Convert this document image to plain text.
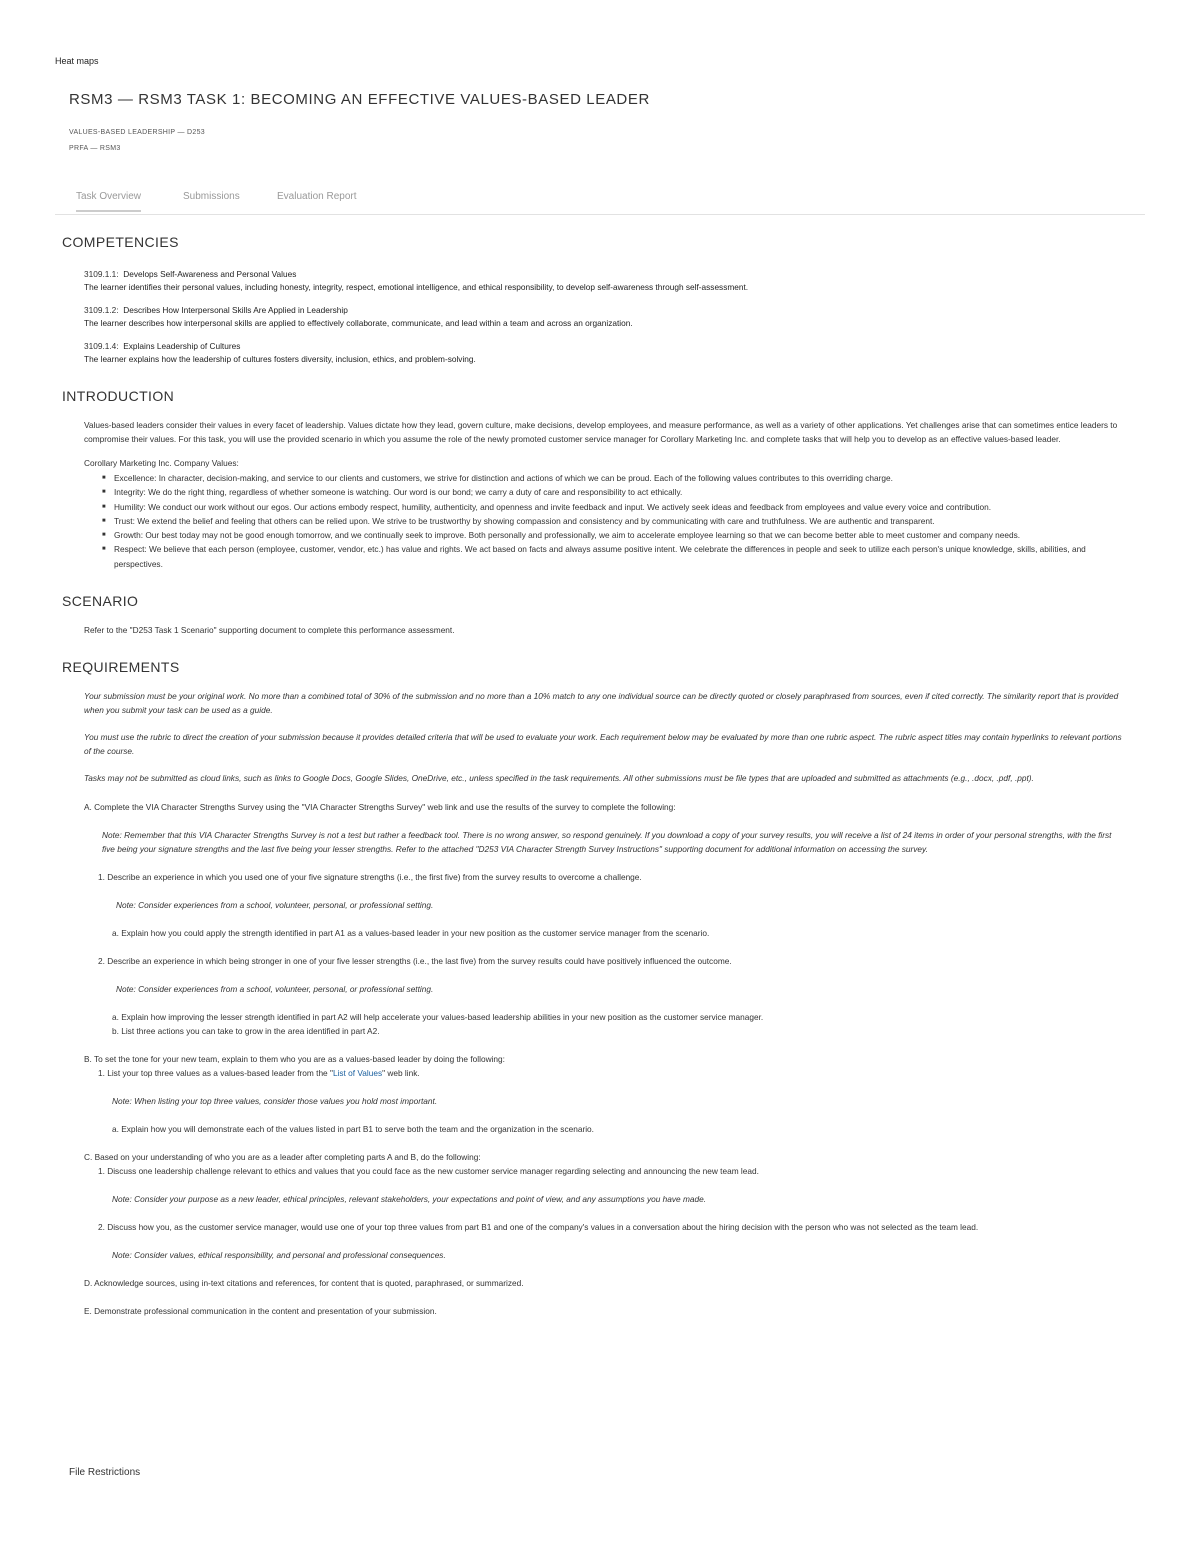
Heat maps
RSM3 — RSM3 TASK 1: BECOMING AN EFFECTIVE VALUES-BASED LEADER
VALUES-BASED LEADERSHIP — D253
PRFA — RSM3
Task Overview	Submissions	Evaluation Report
COMPETENCIES
3109.1.1: Develops Self-Awareness and Personal Values
The learner identifies their personal values, including honesty, integrity, respect, emotional intelligence, and ethical responsibility, to develop self-awareness through self-assessment.
3109.1.2: Describes How Interpersonal Skills Are Applied in Leadership
The learner describes how interpersonal skills are applied to effectively collaborate, communicate, and lead within a team and across an organization.
3109.1.4: Explains Leadership of Cultures
The learner explains how the leadership of cultures fosters diversity, inclusion, ethics, and problem-solving.
INTRODUCTION
Values-based leaders consider their values in every facet of leadership. Values dictate how they lead, govern culture, make decisions, develop employees, and measure performance, as well as a variety of other applications. Yet challenges arise that can sometimes entice leaders to compromise their values. For this task, you will use the provided scenario in which you assume the role of the newly promoted customer service manager for Corollary Marketing Inc. and complete tasks that will help you to develop as an effective values-based leader.
Corollary Marketing Inc. Company Values:
■ Excellence: In character, decision-making, and service to our clients and customers, we strive for distinction and actions of which we can be proud. Each of the following values contributes to this overriding charge.
■ Integrity: We do the right thing, regardless of whether someone is watching. Our word is our bond; we carry a duty of care and responsibility to act ethically.
■ Humility: We conduct our work without our egos. Our actions embody respect, humility, authenticity, and openness and invite feedback and input. We actively seek ideas and feedback from employees and value every voice and contribution.
■ Trust: We extend the belief and feeling that others can be relied upon. We strive to be trustworthy by showing compassion and consistency and by communicating with care and truthfulness. We are authentic and transparent.
■ Growth: Our best today may not be good enough tomorrow, and we continually seek to improve. Both personally and professionally, we aim to accelerate employee learning so that we can become better able to meet customer and company needs.
■ Respect: We believe that each person (employee, customer, vendor, etc.) has value and rights. We act based on facts and always assume positive intent. We celebrate the differences in people and seek to utilize each person's unique knowledge, skills, abilities, and perspectives.
SCENARIO
Refer to the "D253 Task 1 Scenario" supporting document to complete this performance assessment.
REQUIREMENTS
Your submission must be your original work. No more than a combined total of 30% of the submission and no more than a 10% match to any one individual source can be directly quoted or closely paraphrased from sources, even if cited correctly. The similarity report that is provided when you submit your task can be used as a guide.
You must use the rubric to direct the creation of your submission because it provides detailed criteria that will be used to evaluate your work. Each requirement below may be evaluated by more than one rubric aspect. The rubric aspect titles may contain hyperlinks to relevant portions of the course.
Tasks may not be submitted as cloud links, such as links to Google Docs, Google Slides, OneDrive, etc., unless specified in the task requirements. All other submissions must be file types that are uploaded and submitted as attachments (e.g., .docx, .pdf, .ppt).
A. Complete the VIA Character Strengths Survey using the "VIA Character Strengths Survey" web link and use the results of the survey to complete the following:
Note: Remember that this VIA Character Strengths Survey is not a test but rather a feedback tool. There is no wrong answer, so respond genuinely. If you download a copy of your survey results, you will receive a list of 24 items in order of your personal strengths, with the first five being your signature strengths and the last five being your lesser strengths. Refer to the attached "D253 VIA Character Strength Survey Instructions" supporting document for additional information on accessing the survey.
1. Describe an experience in which you used one of your five signature strengths (i.e., the first five) from the survey results to overcome a challenge.
Note: Consider experiences from a school, volunteer, personal, or professional setting.
a. Explain how you could apply the strength identified in part A1 as a values-based leader in your new position as the customer service manager from the scenario.
2. Describe an experience in which being stronger in one of your five lesser strengths (i.e., the last five) from the survey results could have positively influenced the outcome.
Note: Consider experiences from a school, volunteer, personal, or professional setting.
a. Explain how improving the lesser strength identified in part A2 will help accelerate your values-based leadership abilities in your new position as the customer service manager.
b. List three actions you can take to grow in the area identified in part A2.
B. To set the tone for your new team, explain to them who you are as a values-based leader by doing the following:
1. List your top three values as a values-based leader from the "List of Values" web link.
Note: When listing your top three values, consider those values you hold most important.
a. Explain how you will demonstrate each of the values listed in part B1 to serve both the team and the organization in the scenario.
C. Based on your understanding of who you are as a leader after completing parts A and B, do the following:
1. Discuss one leadership challenge relevant to ethics and values that you could face as the new customer service manager regarding selecting and announcing the new team lead.
Note: Consider your purpose as a new leader, ethical principles, relevant stakeholders, your expectations and point of view, and any assumptions you have made.
2. Discuss how you, as the customer service manager, would use one of your top three values from part B1 and one of the company's values in a conversation about the hiring decision with the person who was not selected as the team lead.
Note: Consider values, ethical responsibility, and personal and professional consequences.
D. Acknowledge sources, using in-text citations and references, for content that is quoted, paraphrased, or summarized.
E. Demonstrate professional communication in the content and presentation of your submission.
File Restrictions
